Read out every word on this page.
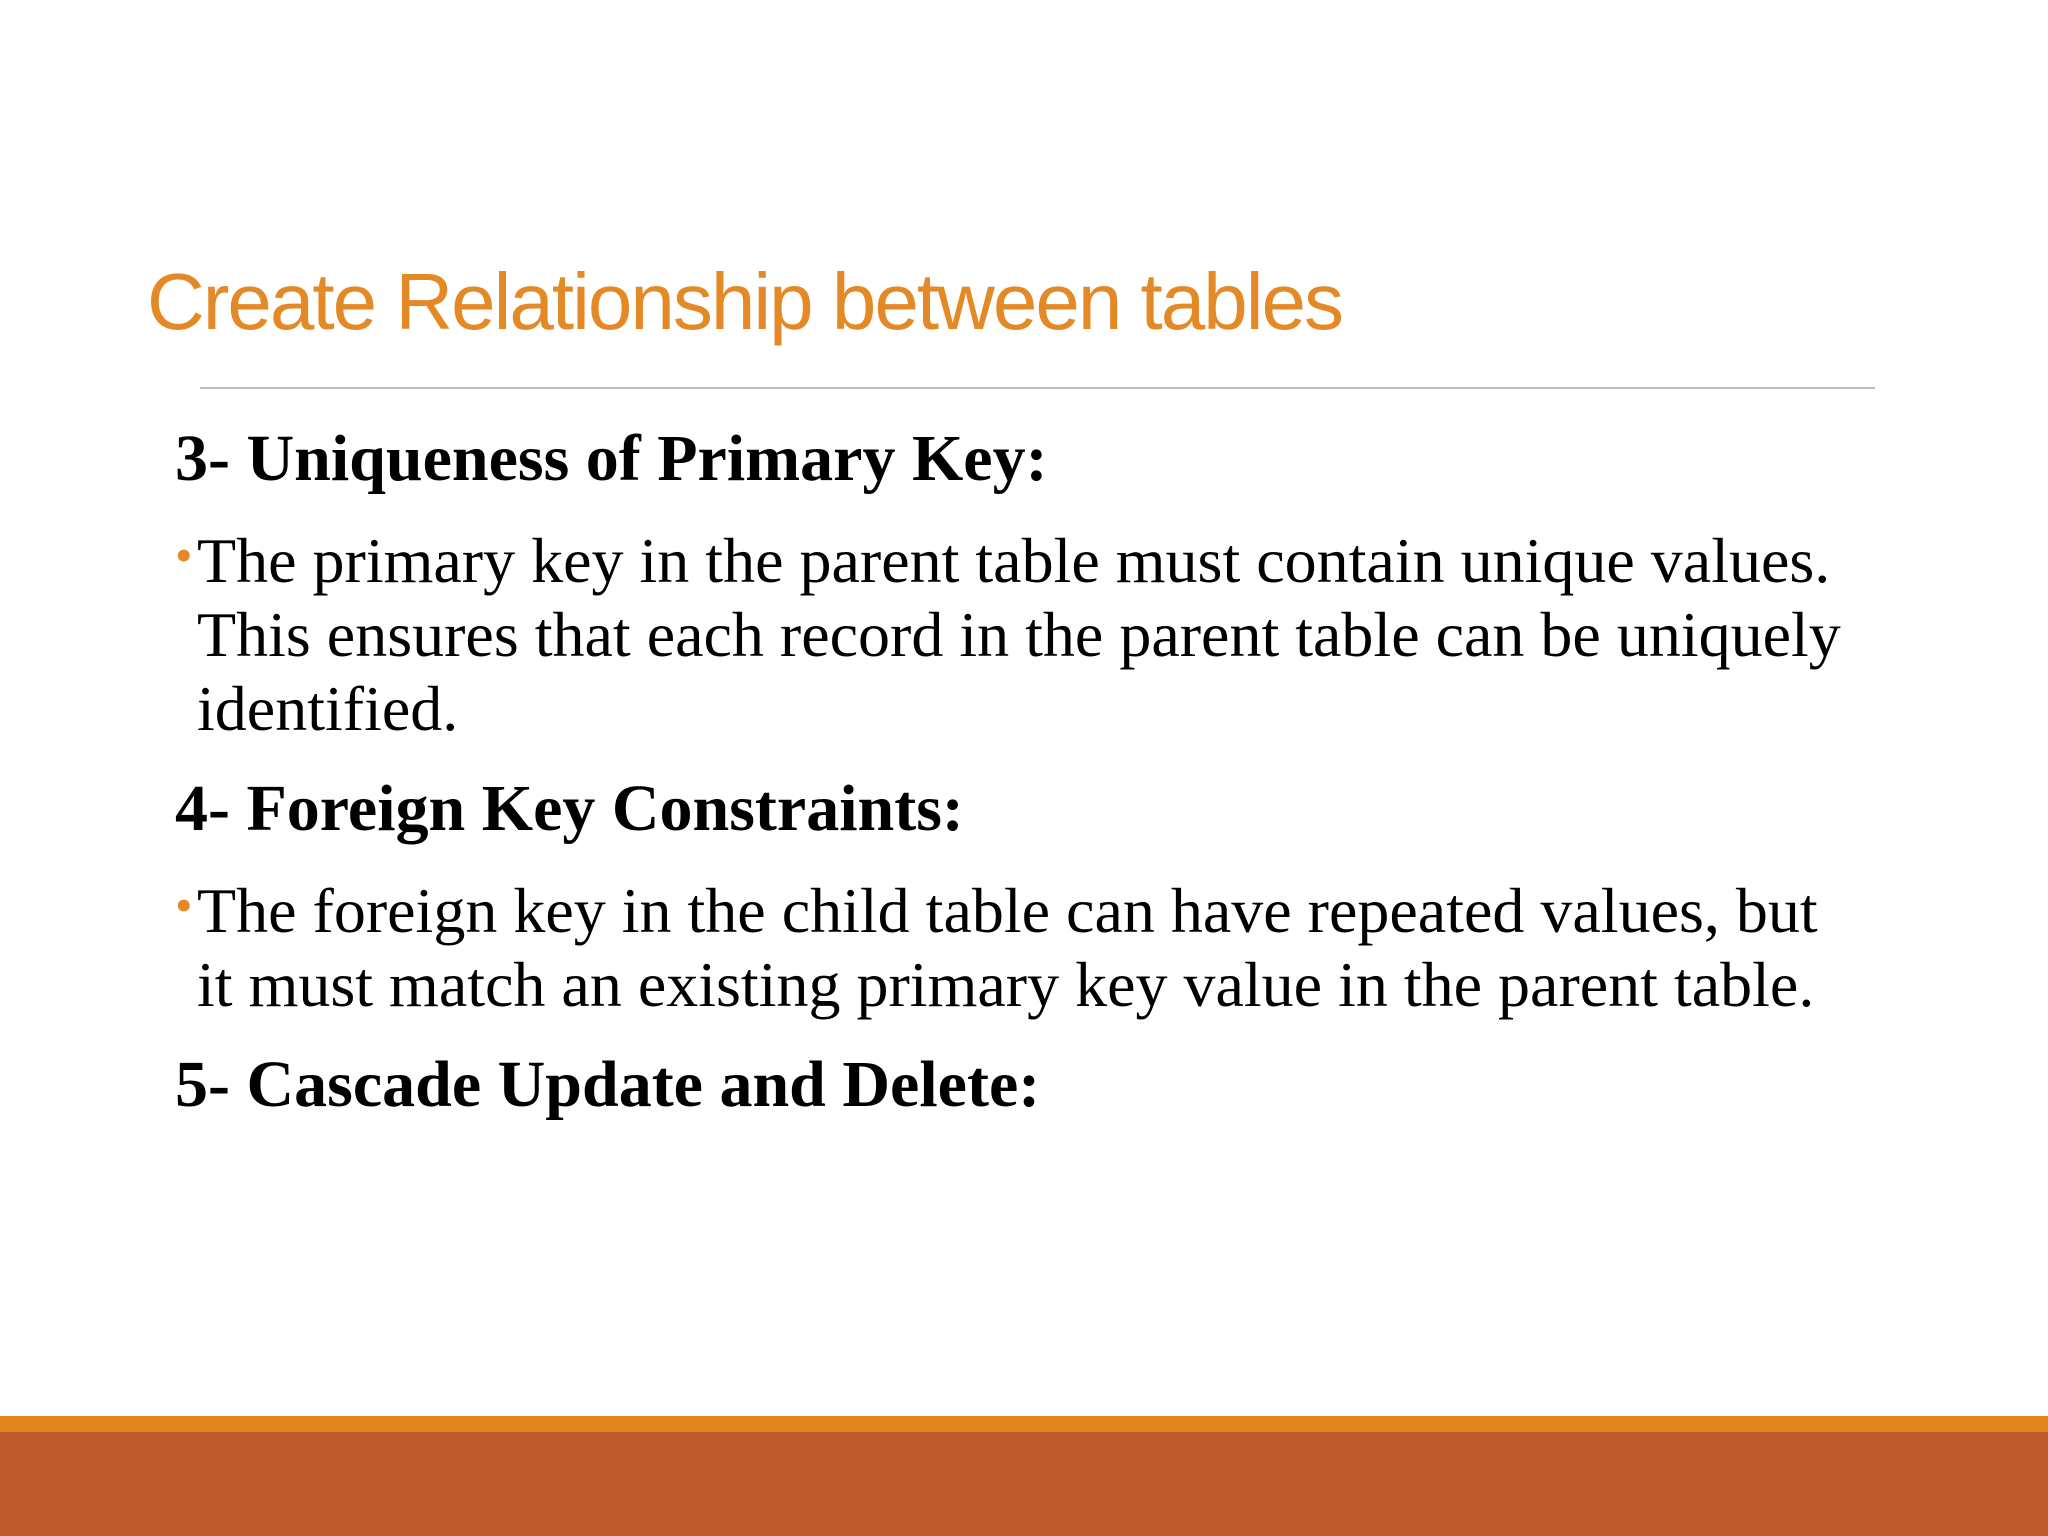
Create Relationship between tables
3- Uniqueness of Primary Key:
• The primary key in the parent table must contain unique values. This ensures that each record in the parent table can be uniquely identified.
4- Foreign Key Constraints:
• The foreign key in the child table can have repeated values, but it must match an existing primary key value in the parent table.
5- Cascade Update and Delete:
